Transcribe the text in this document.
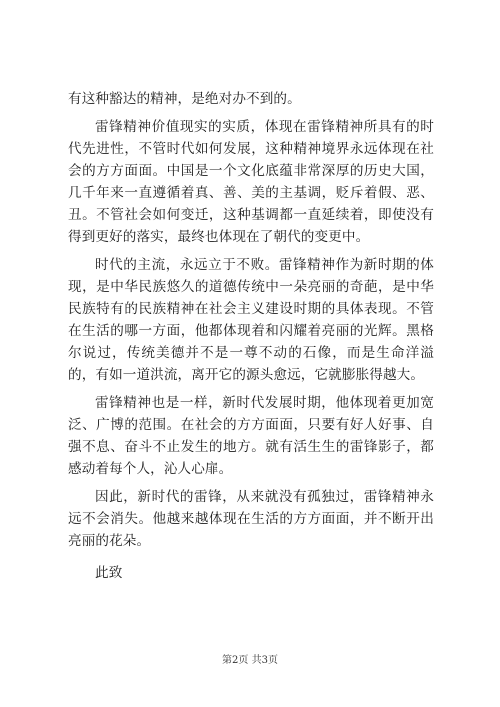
有这种豁达的精神，是绝对办不到的。

雷锋精神价值现实的实质，体现在雷锋精神所具有的时代先进性，不管时代如何发展，这种精神境界永远体现在社会的方方面面。中国是一个文化底蕴非常深厚的历史大国，几千年来一直遵循着真、善、美的主基调，贬斥着假、恶、丑。不管社会如何变迁，这种基调都一直延续着，即使没有得到更好的落实，最终也体现在了朝代的变更中。

时代的主流，永远立于不败。雷锋精神作为新时期的体现，是中华民族悠久的道德传统中一朵亮丽的奇葩，是中华民族特有的民族精神在社会主义建设时期的具体表现。不管在生活的哪一方面，他都体现着和闪耀着亮丽的光辉。黑格尔说过，传统美德并不是一尊不动的石像，而是生命洋溢的，有如一道洪流，离开它的源头愈远，它就膨胀得越大。

雷锋精神也是一样，新时代发展时期，他体现着更加宽泛、广博的范围。在社会的方方面面，只要有好人好事、自强不息、奋斗不止发生的地方。就有活生生的雷锋影子，都感动着每个人，沁人心扉。

因此，新时代的雷锋，从来就没有孤独过，雷锋精神永远不会消失。他越来越体现在生活的方方面面，并不断开出亮丽的花朵。

此致

第2页 共3页
